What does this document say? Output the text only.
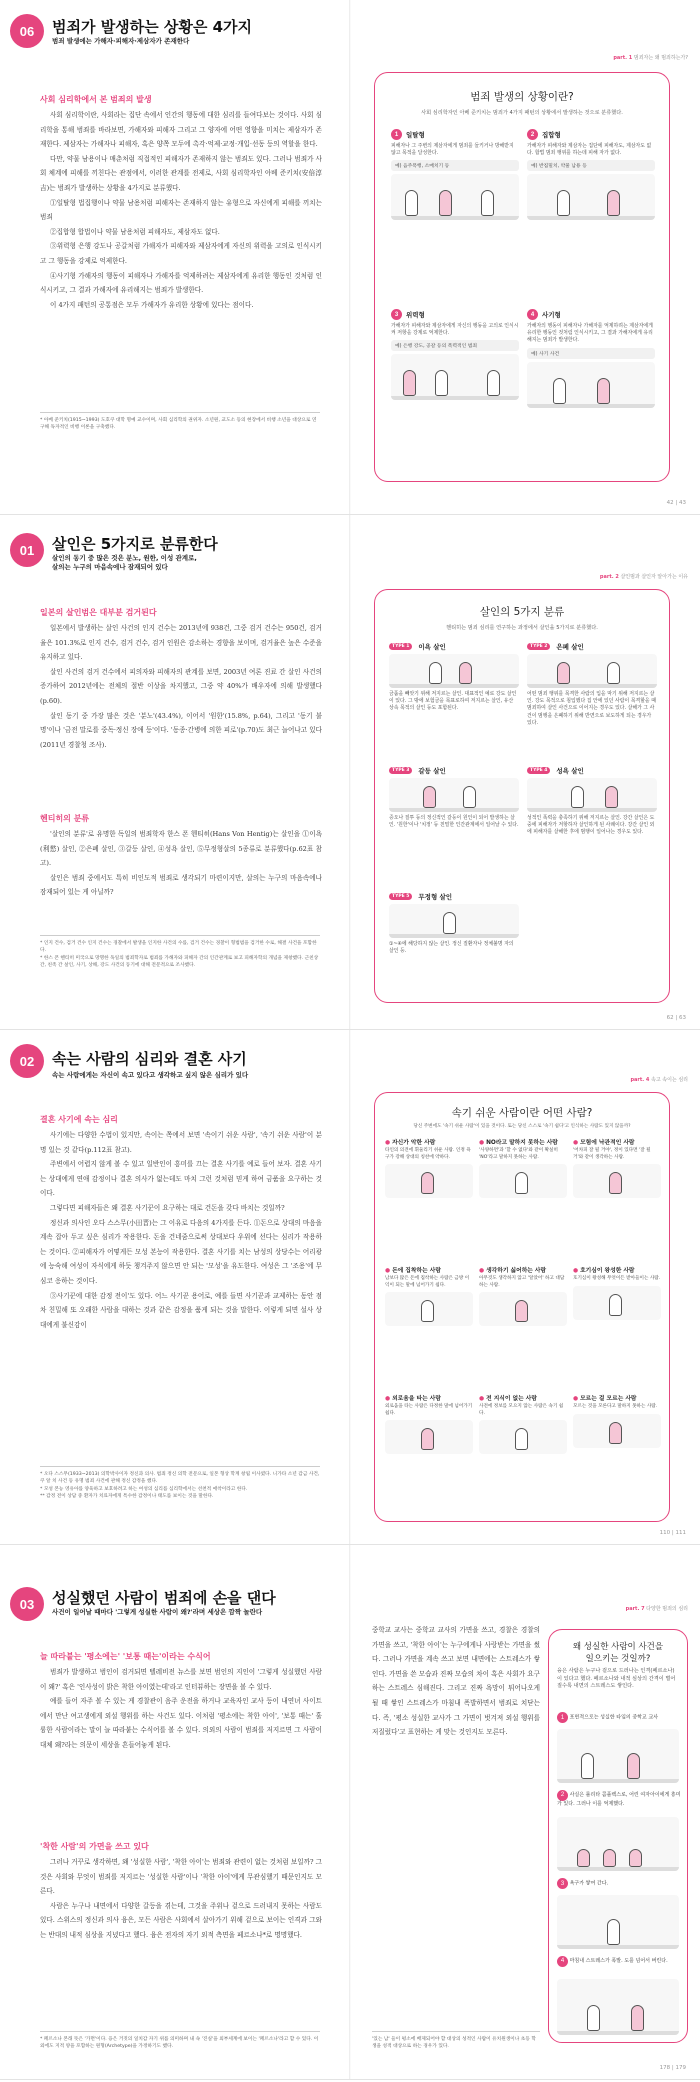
06	범죄가 발생하는 상황은 4가지
범죄 발생에는 가해자·피해자·제삼자가 존재한다
사회 심리학에서 본 범죄의 발생

사회 심리학이란, 사회라는 집단 속에서 인간의 행동에 대한 심리를 들여다보는 것이다. 사회 심리학을 통해 범죄를 바라보면, 가해자와 피해자 그리고 그 양자에 어떤 영향을 미치는 제삼자가 존재한다. 제삼자는 가해자나 피해자, 혹은 양쪽 모두에 촉각·억제·교정·개입·선동 등의 역할을 한다.

다만, 약물 남용이나 매춘처럼 직접적인 피해자가 존재하지 않는 범죄도 있다. 그러나 범죄가 사회 체계에 피해를 끼친다는 관점에서, 이러한 관계를 전제로, 사회 심리학자인 아베 준키치(安倍淳吉)는 범죄가 발생하는 상황을 4가지로 분류했다.

①일탈형 법집행이나 약물 남용처럼 피해자는 존재하지 않는 유형으로 자신에게 피해를 끼치는 범죄

②집합형 합법이나 약물 남용처럼 피해자도, 제삼자도 없다.

③위력형 은행 강도나 공갈처럼 가해자가 피해자와 제삼자에게 자신의 위력을 고의로 인식시키고 그 행동을 강제로 억제한다.

④사기형 가해자의 행동이 피해자나 가해자를 억제하려는 제삼자에게 유리한 행동인 것처럼 인식시키고, 그 결과 가해자에 유리해지는 범죄가 발생한다.

이 4가지 패턴의 공통점은 모두 가해자가 유리한 상황에 있다는 점이다.

* 아베 준키치(1915~1993) 도호쿠 대학 명예 교수이며, 사회 심리학의 권위자. 소년원, 교도소 등의 현장에서 비행 소년을 대상으로 연구해 독자적인 비행 이론을 구축했다.
part. 1 범죄자는 왜 범죄하는가?
범죄 발생의 상황이란?
사회 심리학자인 아베 준키치는 범죄가 4가지 패턴의 상황에서 발생하는 것으로 분류했다.
1	일탈형
피해자나 그 주변의 제삼자에게 범죄를 들키거나 방해받지 않고 목적을 달성한다.
예) 음주폭행, 소매치기 등
2	집합형
가해자가 피해자와 제삼자는 집단에 피해자도, 제삼자도 없다. 합법 범죄 행위를 하는데 피해 자가 없다.
예) 반집밀치, 약물 남용 등
3	위력형
가해자가 피해자와 제삼자에게 자신의 행동을 고의로 인식시켜 저항을 강제로 억제한다.
예) 은행 강도, 공갈 등의 폭력적인 범죄
4	사기형
가해자의 행동이 피해자나 가해자를 억제하려는 제삼자에게 유리한 행동인 것처럼 인식시키고, 그 결과 가해자에게 유리해지는 범죄가 발생한다.
예) 사기 사건
42 | 43
01	살인은 5가지로 분류한다
살인의 동기 중 많은 것은 분노, 원한, 이성 관계로,
살의는 누구의 마음속에나 잠재되어 있다
일본의 살인범은 대부분 검거된다

일본에서 발생하는 살인 사건의 인지 건수는 2013년에 938건, 그중 검거 건수는 950건, 검거율은 101.3%로 인지 건수, 검거 건수, 검거 인원은 감소하는 경향을 보이며, 검거율은 높은 수준을 유지하고 있다.

살인 사건의 검거 건수에서 피의자와 피해자의 관계를 보면, 2003년 여론 진료 간 살인 사건의 증가하여 2012년에는 전체의 절반 이상을 차지했고, 그중 약 40%가 배우자에 의해 발생했다(p.60).

살인 동기 중 가장 많은 것은 '분노'(43.4%), 이어서 '원한'(15.8%, p.64), 그리고 '동기 불명'이나 '금전 말로를 중독·정신 장애 등'이다. '동종·간병에 의한 피로'(p.70)도 최근 늘어나고 있다(2011년 경찰청 조사).

헨티히의 분류

'살인의 분류'로 유명한 독일의 범죄학자 한스 폰 헨티히(Hans Von Hentig)는 살인을 ①이욕(利慾) 살인, ②은폐 살인, ③갈등 살인, ④성욕 살인, ⑤무정형살의 5종류로 분류했다(p.62표 참고).

살인은 범죄 중에서도 특히 비인도적 범죄로 생각되기 마련이지만, 살의는 누구의 마음속에나 잠재되어 있는 게 아닐까?

* 인지 건수, 검거 건수 인지 건수는 경찰에서 발생을 인지한 사건의 수를, 검거 건수는 경찰이 형법범을 검거한 수로, 해결 사건을 포함한다.
* 한스 폰 헨티히 미국으로 망명한 독일의 범죄학자로 범죄를 가해자와 피해자 간의 인간관계로 보고 피해자학의 개념을 제창했다. 근친상간, 친족 간 살인, 사기, 상해, 강도 사건의 동기에 대해 전문적으로 조사했다.
part. 2 살인범과 살인자 알아가는 이유
살인의 5가지 분류
헨티히는 범죄 심리를 연구하는 과정에서 살인을 5가지로 분류했다.
TYPE 1	이욕 살인
금품을 빼앗기 위해 저지르는 살인. 대표적인 예로 강도 살인이 있다. 그 밖에 보험금을 목표로하여 저지르는 살인, 유산 상속 목적의 살인 등도 포함된다.
TYPE 2	은폐 살인
어떤 범죄 행위를 목격한 사람의 입을 막기 위해 저지르는 살인. 강도 목적으로 침입했다 집 안에 있던 사람이 목격할을 때 범죄하여 살인 사건으로 이어지는 경우도 있다. 살해가 그 사건이 범행을 은폐하기 위해 반면으로 보도하게 되는 경우가 있다.
TYPE 3	갈등 살인
증오나 질투 등의 정신적인 갈등이 원인이 되어 발생하는 살인. '원한'이나 '치정' 등 친밀한 인간관계에서 일어날 수 있다.
TYPE 4	성욕 살인
성적인 폭력을 충족하기 위해 저지르는 살인. 강간 살인은 도중에 피해자가 저항하자 살인하게 된 사례이다. 강간 살인 외에 피해자를 살해한 후에 범행이 일어나는 경우도 있다.
TYPE 5	무정형 살인
①~④에 해당하지 않는 살인. 정신 질환자나 정체불명 자의 살인 등.
62 | 63
02	속는 사람의 심리와 결혼 사기
속는 사람에게는 자신이 속고 있다고 생각하고 싶지 않은 심리가 있다
결혼 사기에 속는 심리

사기에는 다양한 수법이 있지만, 속이는 쪽에서 보면 '속이기 쉬운 사람', '속기 쉬운 사람'이 분명 있는 것 같다(p.112표 참고).

주변에서 어렵지 않게 볼 수 있고 일반인이 흥미를 끄는 결혼 사기를 예로 들어 보자. 결혼 사기는 상대에게 연애 감정이나 결혼 의사가 없는데도 마치 그런 것처럼 믿게 하여 금품을 요구하는 것이다.

그렇다면 피해자들은 왜 결혼 사기꾼이 요구하는 대로 건돈을 갖다 바치는 것일까?

정신과 의사인 오다 스스무(小田晋)는 그 이유로 다음의 4가지를 든다. ①돈으로 상대의 마음을 계속 잡아 두고 싶은 심리가 작용한다. 돈을 건네줌으로써 상대보다 우위에 선다는 심리가 작용하는 것이다. ②피해자가 어떻게든 모성 본능이 작용한다. 결혼 사기를 치는 남성의 상당수는 어리광에 능숙해 여성이 자식에게 하듯 챙겨주지 않으면 안 되는 '모성'을 유도한다. 여성은 그 '조용'에 무심코 응하는 것이다.

③사기꾼에 대한 감정 전이'도 있다. 어느 사기꾼 용어로, 예를 들면 사기꾼과 교제하는 동안 점차 친밀해 또 오래한 사람을 대하는 것과 같은 감정을 품게 되는 것을 말한다. 이렇게 되면 설사 상대에게 불신감이

* 오다 스스무(1933~2013) 의학박사이자 정신과 의사. 범죄 정신 의학 전문으로, 일본 형상 학계 창립 이사였다. 니가타 소년 감금 사건, 쿠 알 치 사건 등 유명 범죄 사건에 관해 정신 감정을 했다.
* 모성 본능 영유아를 양육하고 보호하려고 하는 여성의 심리를 심리학에서는 선천적 애착이라고 한다.
** 감정 전이 상담 중 환자가 치료자에게 특수한 감정이나 태도를 보이는 것을 말한다.
part. 4 속고 속이는 심리
속기 쉬운 사람이란 어떤 사람?
당신 주변에도 '속기 쉬운 사람'이 있을 것이다. 또는 당신 스스로 '속기 쉽다'고 인식하는 사람도 있지 않을까?
● 자신가 악한 사람
타인의 의견에 휘둘리기 쉬운 사람. 인정 욕구가 강해 상대의 칭찬에 약하다.
● NO라고 말하지 못하는 사람
'사양하면'과 '할 수 없다'와 같이 확실히 'NO'라고 말하지 못하는 사람.
● 모험에 낙관적인 사람
'어차피 잘 될 거야', 정이 있다면 '잘 될 거'와 같이 생각하는 사람.
● 돈에 집착하는 사람
남보다 많은 돈에 집착하는 사람은 금방 이익이 되는 말에 넘어가기 쉽다.
● 생각하기 싫어하는 사람
아무것도 생각하지 않고 '알았어' 하고 대답하는 사람.
● 호기심이 왕성한 사람
호기심이 왕성해 무엇이든 받아들이는 사람.
● 외로움을 타는 사람
외로움을 타는 사람은 다정한 말에 넘어가기 쉽다.
● 전 지식이 없는 사람
사전에 정보를 모으지 않는 사람은 속기 쉽다.
● 모르는 걸 모르는 사람
모르는 것을 모른다고 말하지 못하는 사람.
110 | 111
03	성실했던 사람이 범죄에 손을 댄다
사건이 일어날 때마다 '그렇게 성실한 사람이 왜?'라며 세상은 깜짝 놀란다
늘 따라붙는 '평소에는' '보통 때는'이라는 수식어

범죄가 발생하고 범인이 검거되면 텔레비전 뉴스를 보면 범인의 지인이 '그렇게 성실했던 사람이 왜?' 혹은 '인사성이 밝은 착한 아이였는데'라고 인터뷰하는 장면을 볼 수 있다.

예를 들어 자주 볼 수 있는 게 경찰관이 음주 운전을 하거나 교육자인 교사 등이 내연녀 사이트에서 만난 여고생에게 외설 행위를 하는 사건도 있다. 이처럼 '평소에는 착한 아이', '보통 때는' 훌륭한 사람이라는 말이 늘 따라붙는 수식어를 볼 수 있다. 의외의 사람이 범죄를 저지르면 그 사람이 대체 왜?라는 의문이 세상을 흔들어놓게 된다.

'착한 사람'의 가면을 쓰고 있다

그러나 거꾸로 생각하면, 왜 '성실한 사람', '착한 아이'는 범죄와 관련이 없는 것처럼 보일까? 그것은 사회와 무엇이 범죄를 저지르는 '성실한 사람'이나 '착한 아이'에게 무관심했기 때문인지도 모른다.

사람은 누구나 내면에서 다양한 갈등을 겪는데, 그것을 주위나 겉으로 드러내지 못하는 사람도 있다. 스위스의 정신과 의사 융은, 모든 사람은 사회에서 살아가기 위해 겉으로 보이는 인격과 그와는 반대의 내적 심상을 지녔다고 했다. 융은 전자의 자기 외적 측면을 페르소나*로 명명했다.

* 페르소나 본래 뜻은 '가면'이다. 융은 거짓의 일치감 자기 위를 의미하며 내 속 '진실'을 외부세계에 보이는 '페르소나'라고 할 수 있다. 이 외에도 지적 양을 포함하는 원형(Archetype)을 가정하기도 했다.
part. 7 다양한 범죄의 심리
중학교 교사는 중학교 교사의 가면을 쓰고, 경찰은 경찰의 가면을 쓰고, '착한 아이'는 누구에게나 사랑받는 가면을 썼다. 그러나 가면을 계속 쓰고 보면 내면에는 스트레스가 쌓인다. 가면을 쓴 모습과 진짜 모습의 차이 혹은 사회가 요구하는 스트레스 심해진다. 그리고 진짜 욕망이 튀어나오게 될 때 쌓인 스트레스가 마침내 폭발하면서 범죄로 치닫는다. 즉, '평소 성실한 교사가 그 가면이 벗겨져 외설 행위를 저질렀다'고 표현하는 게 맞는 것인지도 모른다.
'있는 남' 들이 평소에 배제되어야 할 대상의 성적인 사람이 유치원생이나 초등 학생을 성적 대상으로 하는 경우가 있다.
왜 성실한 사람이 사건을
일으키는 것일까?
융은 사람은 누구나 겉으로 드러나는 인격(페르소나)이 있다고 했다. 페르소나와 내적 심상의 간격이 벌어질수록 내면의 스트레스도 쌓인다.
1 포면적으로는 성실한 타입의 중학교 교사
2 사실은 롤리타 콤플렉스로, 어린 여자아이에게 흥미가 있다. 그러나 이를 억제했다.
3 욕구가 쌓여 간다.
4 마침내 스트레스가 폭발. 도를 넘어서 버린다.
178 | 179
